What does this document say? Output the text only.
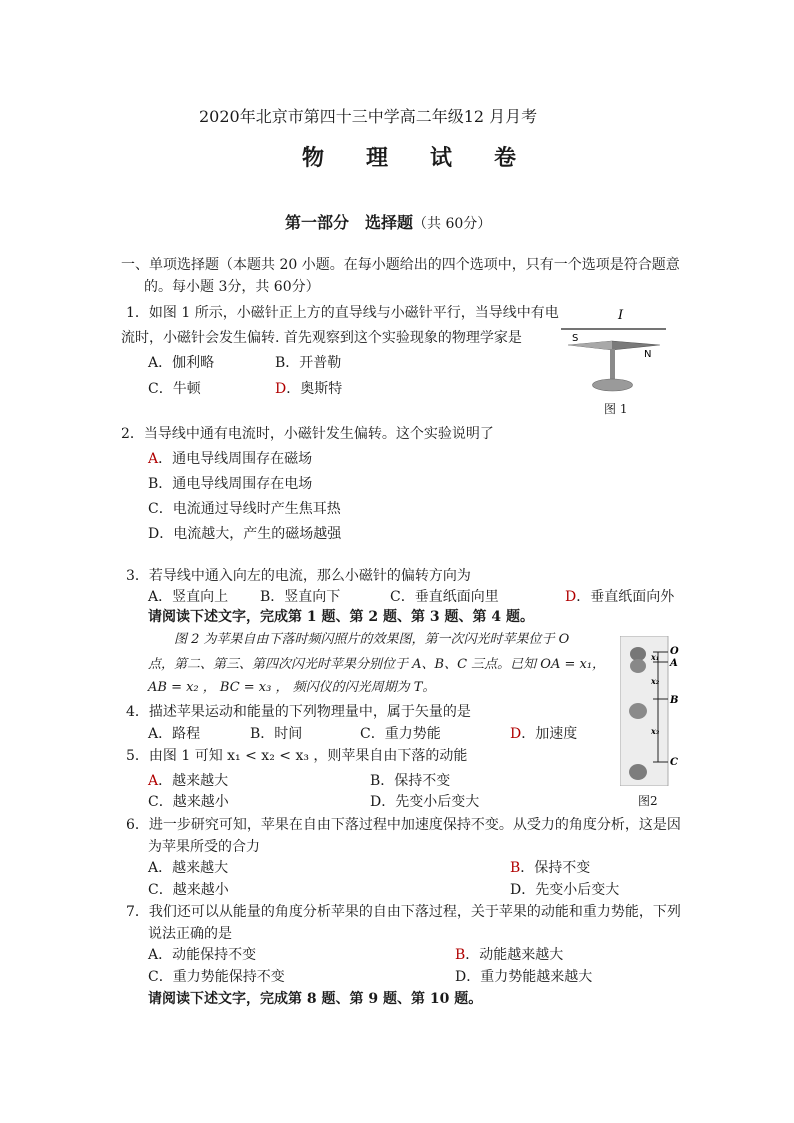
2020年北京市第四十三中学高二年级12 月月考
物 理 试 卷
第一部分　选择题（共 60分）
一、单项选择题（本题共 20 小题。在每小题给出的四个选项中，只有一个选项是符合题意
的。每小题 3分，共 60分）
1．如图 1 所示，小磁针正上方的直导线与小磁针平行，当导线中有电
流时，小磁针会发生偏转. 首先观察到这个实验现象的物理学家是
A．伽利略	B．开普勒
C．牛顿	D．奥斯特
I
S
N
图 1
2．当导线中通有电流时，小磁针发生偏转。这个实验说明了
A．通电导线周围存在磁场
B．通电导线周围存在电场
C．电流通过导线时产生焦耳热
D．电流越大，产生的磁场越强
3．若导线中通入向左的电流，那么小磁针的偏转方向为
A．竖直向上 B．竖直向下	C．垂直纸面向里	D．垂直纸面向外
请阅读下述文字，完成第 1 题、第 2 题、第 3 题、第 4 题。
图 2 为苹果自由下落时频闪照片的效果图，第一次闪光时苹果位于 O
点，第二、第三、第四次闪光时苹果分别位于 A、B、C 三点。已知 OA = x₁，
AB = x₂ ， BC = x₃ ， 频闪仪的闪光周期为 T。
O
A
B
C
x₁
x₂
x₃
图2
4．描述苹果运动和能量的下列物理量中，属于矢量的是
A．路程	B．时间	C．重力势能	D．加速度
5．由图 1 可知 x₁ < x₂ < x₃ ，则苹果自由下落的动能
A．越来越大	B．保持不变
C．越来越小	D．先变小后变大
6．进一步研究可知，苹果在自由下落过程中加速度保持不变。从受力的角度分析，这是因
为苹果所受的合力
A．越来越大	B．保持不变
C．越来越小	D．先变小后变大
7．我们还可以从能量的角度分析苹果的自由下落过程，关于苹果的动能和重力势能，下列
说法正确的是
A．动能保持不变	B．动能越来越大
C．重力势能保持不变	D．重力势能越来越大
请阅读下述文字，完成第 8 题、第 9 题、第 10 题。
